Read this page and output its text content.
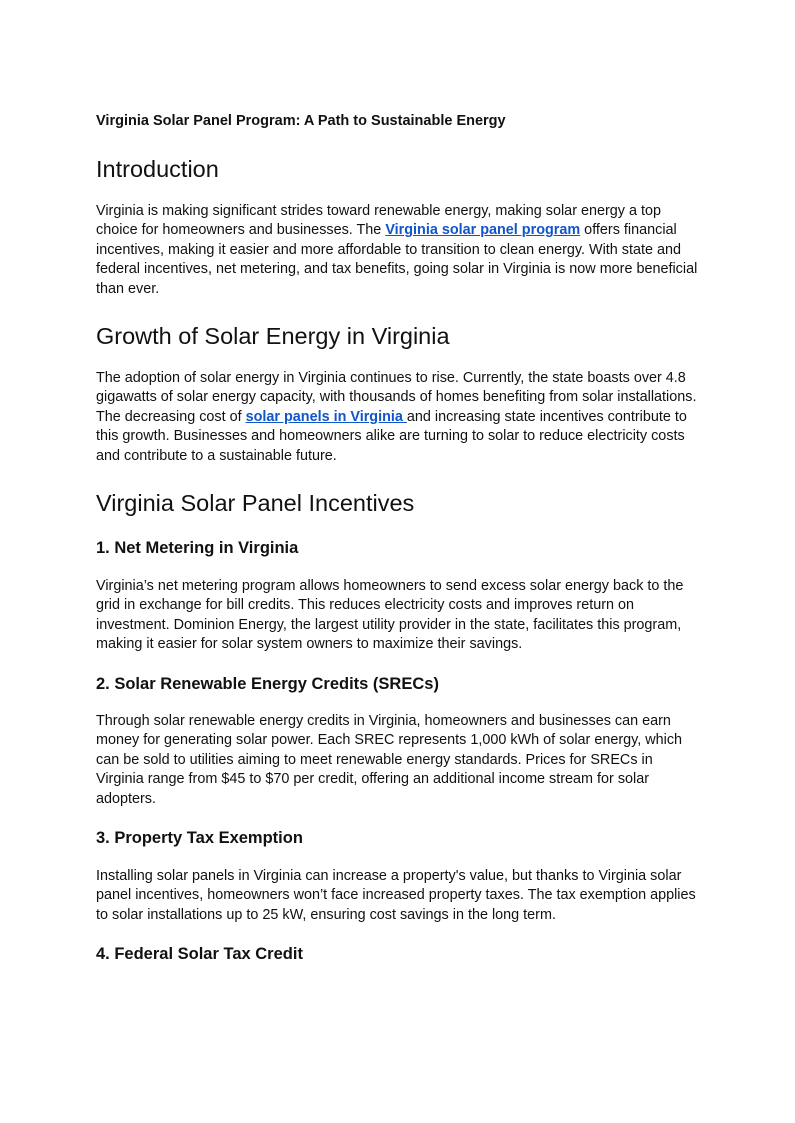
Virginia Solar Panel Program: A Path to Sustainable Energy
Introduction

Virginia is making significant strides toward renewable energy, making solar energy a top choice for homeowners and businesses. The Virginia solar panel program offers financial incentives, making it easier and more affordable to transition to clean energy. With state and federal incentives, net metering, and tax benefits, going solar in Virginia is now more beneficial than ever.

Growth of Solar Energy in Virginia

The adoption of solar energy in Virginia continues to rise. Currently, the state boasts over 4.8 gigawatts of solar energy capacity, with thousands of homes benefiting from solar installations. The decreasing cost of solar panels in Virginia and increasing state incentives contribute to this growth. Businesses and homeowners alike are turning to solar to reduce electricity costs and contribute to a sustainable future.

Virginia Solar Panel Incentives
1. Net Metering in Virginia

Virginia’s net metering program allows homeowners to send excess solar energy back to the grid in exchange for bill credits. This reduces electricity costs and improves return on investment. Dominion Energy, the largest utility provider in the state, facilitates this program, making it easier for solar system owners to maximize their savings.

2. Solar Renewable Energy Credits (SRECs)

Through solar renewable energy credits in Virginia, homeowners and businesses can earn money for generating solar power. Each SREC represents 1,000 kWh of solar energy, which can be sold to utilities aiming to meet renewable energy standards. Prices for SRECs in Virginia range from $45 to $70 per credit, offering an additional income stream for solar adopters.

3. Property Tax Exemption

Installing solar panels in Virginia can increase a property's value, but thanks to Virginia solar panel incentives, homeowners won’t face increased property taxes. The tax exemption applies to solar installations up to 25 kW, ensuring cost savings in the long term.

4. Federal Solar Tax Credit
